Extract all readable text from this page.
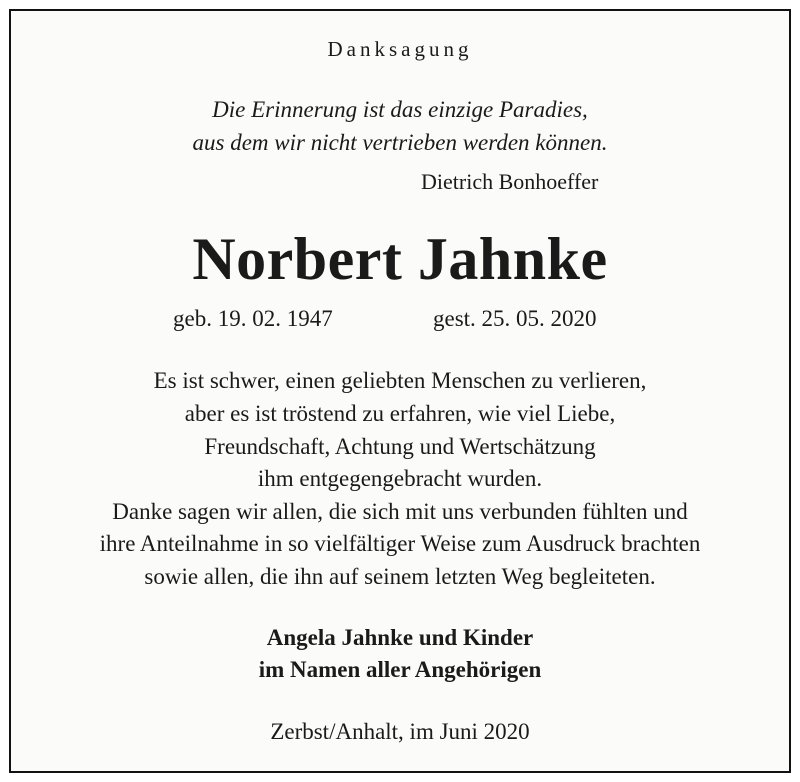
Danksagung
Die Erinnerung ist das einzige Paradies,
aus dem wir nicht vertrieben werden können.
Dietrich Bonhoeffer
Norbert Jahnke
geb. 19. 02. 1947	gest. 25. 05. 2020
Es ist schwer, einen geliebten Menschen zu verlieren,
aber es ist tröstend zu erfahren, wie viel Liebe,
Freundschaft, Achtung und Wertschätzung
ihm entgegengebracht wurden.
Danke sagen wir allen, die sich mit uns verbunden fühlten und
ihre Anteilnahme in so vielfältiger Weise zum Ausdruck brachten
sowie allen, die ihn auf seinem letzten Weg begleiteten.
Angela Jahnke und Kinder
im Namen aller Angehörigen
Zerbst/Anhalt, im Juni 2020
